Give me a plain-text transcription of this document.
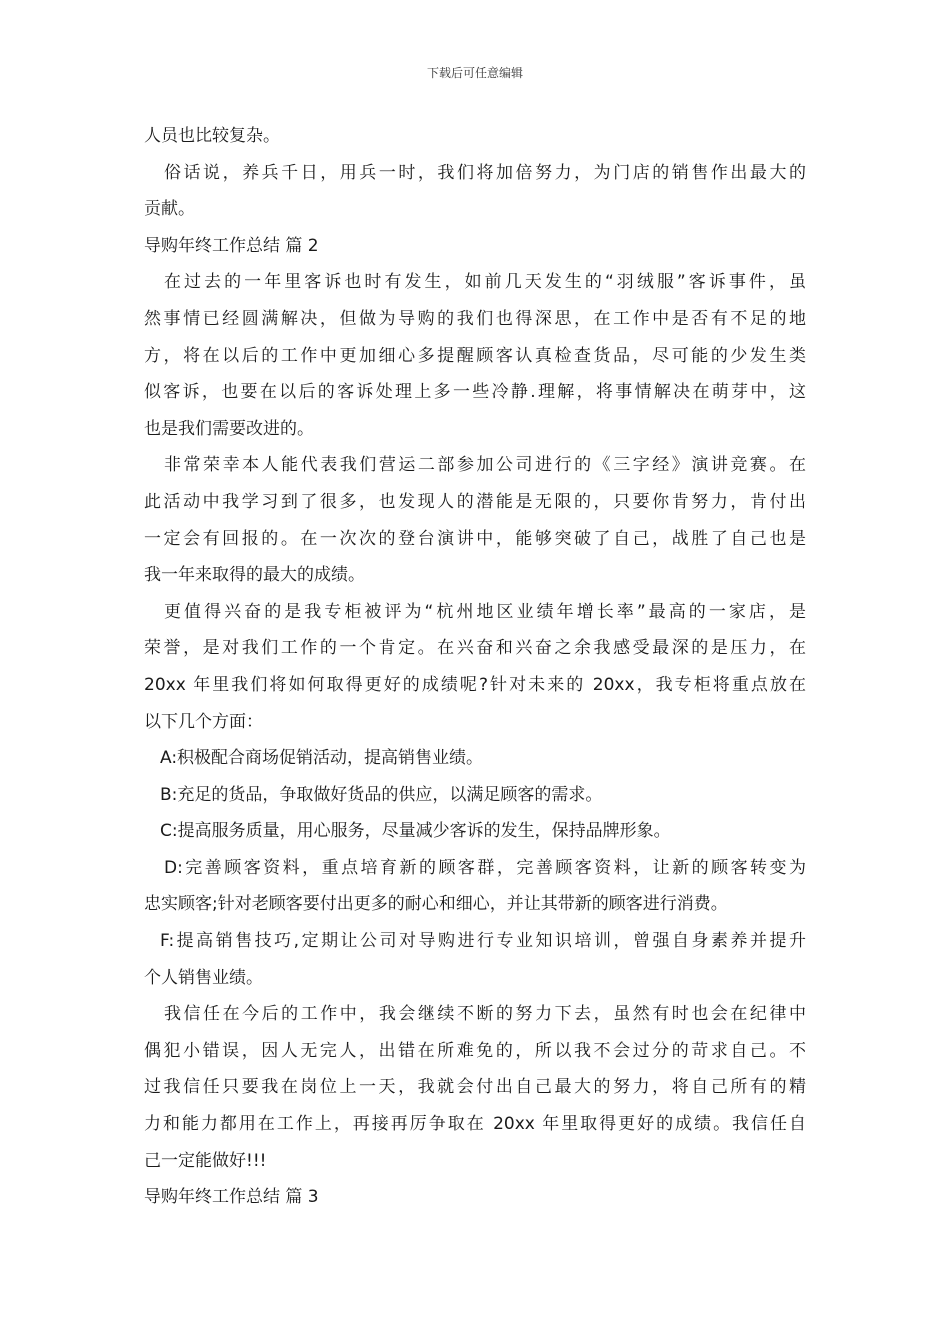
下载后可任意编辑
人员也比较复杂。
俗话说，养兵千日，用兵一时，我们将加倍努力，为门店的销售作出最大的
贡献。
导购年终工作总结 篇 2
在过去的一年里客诉也时有发生，如前几天发生的“羽绒服”客诉事件，虽
然事情已经圆满解决，但做为导购的我们也得深思，在工作中是否有不足的地
方，将在以后的工作中更加细心多提醒顾客认真检查货品，尽可能的少发生类
似客诉，也要在以后的客诉处理上多一些冷静.理解，将事情解决在萌芽中，这
也是我们需要改进的。
非常荣幸本人能代表我们营运二部参加公司进行的《三字经》演讲竞赛。在
此活动中我学习到了很多，也发现人的潜能是无限的，只要你肯努力，肯付出
一定会有回报的。在一次次的登台演讲中，能够突破了自己，战胜了自己也是
我一年来取得的最大的成绩。
更值得兴奋的是我专柜被评为“杭州地区业绩年增长率”最高的一家店，是
荣誉，是对我们工作的一个肯定。在兴奋和兴奋之余我感受最深的是压力，在
20xx 年里我们将如何取得更好的成绩呢?针对未来的 20xx，我专柜将重点放在
以下几个方面：
A:积极配合商场促销活动，提高销售业绩。
B:充足的货品，争取做好货品的供应，以满足顾客的需求。
C:提高服务质量，用心服务，尽量减少客诉的发生，保持品牌形象。
D:完善顾客资料，重点培育新的顾客群，完善顾客资料，让新的顾客转变为
忠实顾客;针对老顾客要付出更多的耐心和细心，并让其带新的顾客进行消费。
F:提高销售技巧,定期让公司对导购进行专业知识培训，曾强自身素养并提升
个人销售业绩。
我信任在今后的工作中，我会继续不断的努力下去，虽然有时也会在纪律中
偶犯小错误，因人无完人，出错在所难免的，所以我不会过分的苛求自己。不
过我信任只要我在岗位上一天，我就会付出自己最大的努力，将自己所有的精
力和能力都用在工作上，再接再厉争取在 20xx 年里取得更好的成绩。我信任自
己一定能做好!!!
导购年终工作总结 篇 3
